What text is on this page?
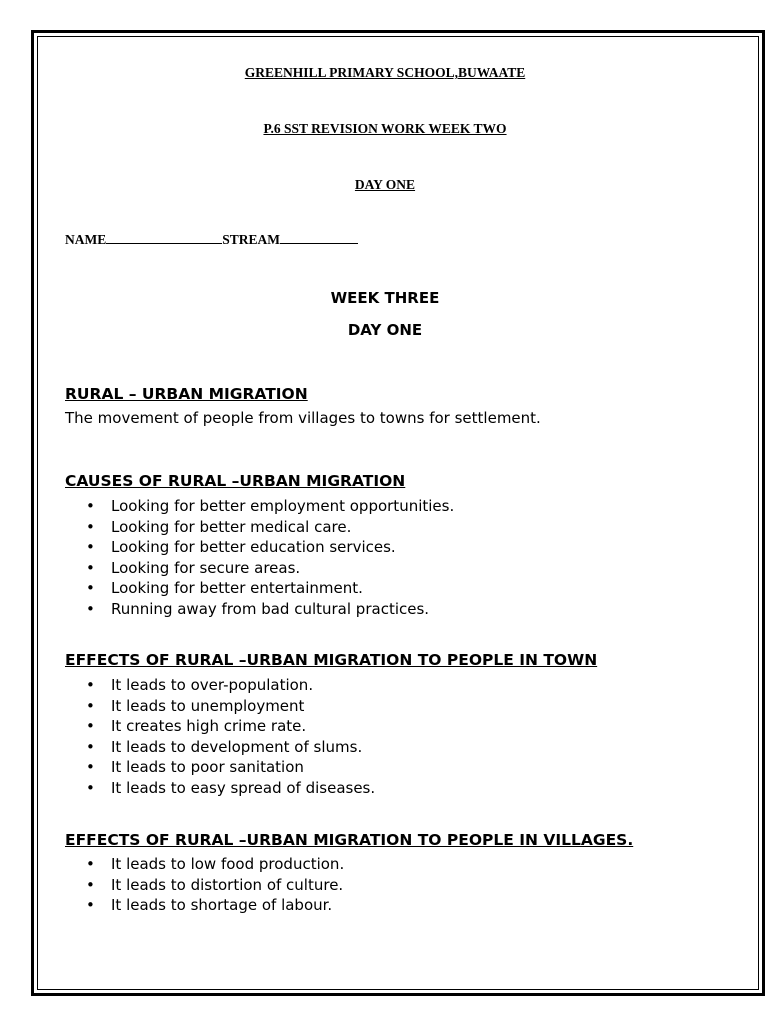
GREENHILL PRIMARY SCHOOL,BUWAATE
P.6 SST REVISION WORK WEEK TWO
DAY ONE
NAME	STREAM
WEEK THREE
DAY ONE
RURAL – URBAN MIGRATION
The movement of people from villages to towns for settlement.
CAUSES OF RURAL –URBAN MIGRATION
• Looking for better employment opportunities.
• Looking for better medical care.
• Looking for better education services.
• Looking for secure areas.
• Looking for better entertainment.
• Running away from bad cultural practices.
EFFECTS OF RURAL –URBAN MIGRATION TO PEOPLE IN TOWN
• It leads to over-population.
• It leads to unemployment
• It creates high crime rate.
• It leads to development of slums.
• It leads to poor sanitation
• It leads to easy spread of diseases.
EFFECTS OF RURAL –URBAN MIGRATION TO PEOPLE IN VILLAGES.
• It leads to low food production.
• It leads to distortion of culture.
• It leads to shortage of labour.
